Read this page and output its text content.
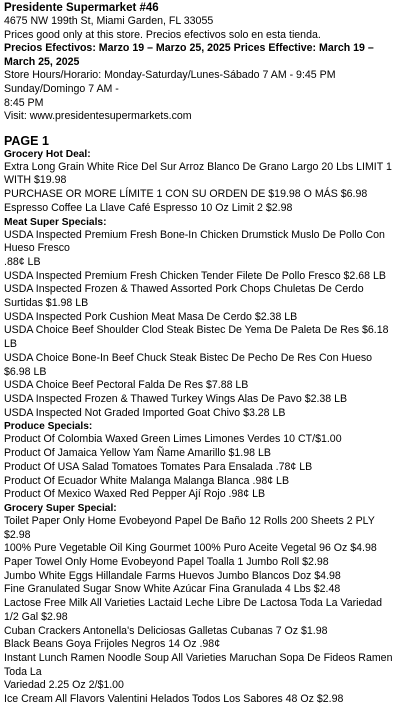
Presidente Supermarket #46
4675 NW 199th St, Miami Garden, FL 33055
Prices good only at this store. Precios efectivos solo en esta tienda.
Precios Efectivos: Marzo 19 – Marzo 25, 2025 Prices Effective: March 19 – March 25, 2025
Store Hours/Horario: Monday-Saturday/Lunes-Sábado 7 AM - 9:45 PM Sunday/Domingo 7 AM -
8:45 PM
Visit: www.presidentesupermarkets.com
PAGE 1
Grocery Hot Deal:
Extra Long Grain White Rice Del Sur Arroz Blanco De Grano Largo 20 Lbs LIMIT 1 WITH $19.98
PURCHASE OR MORE LÍMITE 1 CON SU ORDEN DE $19.98 O MÁS $6.98
Espresso Coffee La Llave Café Espresso 10 Oz Limit 2 $2.98
Meat Super Specials:
USDA Inspected Premium Fresh Bone-In Chicken Drumstick Muslo De Pollo Con Hueso Fresco
.88¢ LB
USDA Inspected Premium Fresh Chicken Tender Filete De Pollo Fresco $2.68 LB
USDA Inspected Frozen & Thawed Assorted Pork Chops Chuletas De Cerdo Surtidas $1.98 LB
USDA Inspected Pork Cushion Meat Masa De Cerdo $2.38 LB
USDA Choice Beef Shoulder Clod Steak Bistec De Yema De Paleta De Res $6.18 LB
USDA Choice Bone-In Beef Chuck Steak Bistec De Pecho De Res Con Hueso $6.98 LB
USDA Choice Beef Pectoral Falda De Res $7.88 LB
USDA Inspected Frozen & Thawed Turkey Wings Alas De Pavo $2.38 LB
USDA Inspected Not Graded Imported Goat Chivo $3.28 LB
Produce Specials:
Product Of Colombia Waxed Green Limes Limones Verdes 10 CT/$1.00
Product Of Jamaica Yellow Yam Ñame Amarillo $1.98 LB
Product Of USA Salad Tomatoes Tomates Para Ensalada .78¢ LB
Product Of Ecuador White Malanga Malanga Blanca .98¢ LB
Product Of Mexico Waxed Red Pepper Ají Rojo .98¢ LB
Grocery Super Special:
Toilet Paper Only Home Evobeyond Papel De Baño 12 Rolls 200 Sheets 2 PLY $2.98
100% Pure Vegetable Oil King Gourmet 100% Puro Aceite Vegetal 96 Oz $4.98
Paper Towel Only Home Evobeyond Papel Toalla 1 Jumbo Roll $2.98
Jumbo White Eggs Hillandale Farms Huevos Jumbo Blancos Doz $4.98
Fine Granulated Sugar Snow White Azúcar Fina Granulada 4 Lbs $2.48
Lactose Free Milk All Varieties Lactaid Leche Libre De Lactosa Toda La Variedad 1/2 Gal $2.98
Cuban Crackers Antonella's Deliciosas Galletas Cubanas 7 Oz $1.98
Black Beans Goya Frijoles Negros 14 Oz .98¢
Instant Lunch Ramen Noodle Soup All Varieties Maruchan Sopa De Fideos Ramen Toda La
Variedad 2.25 Oz 2/$1.00
Ice Cream All Flavors Valentini Helados Todos Los Sabores 48 Oz $2.98
